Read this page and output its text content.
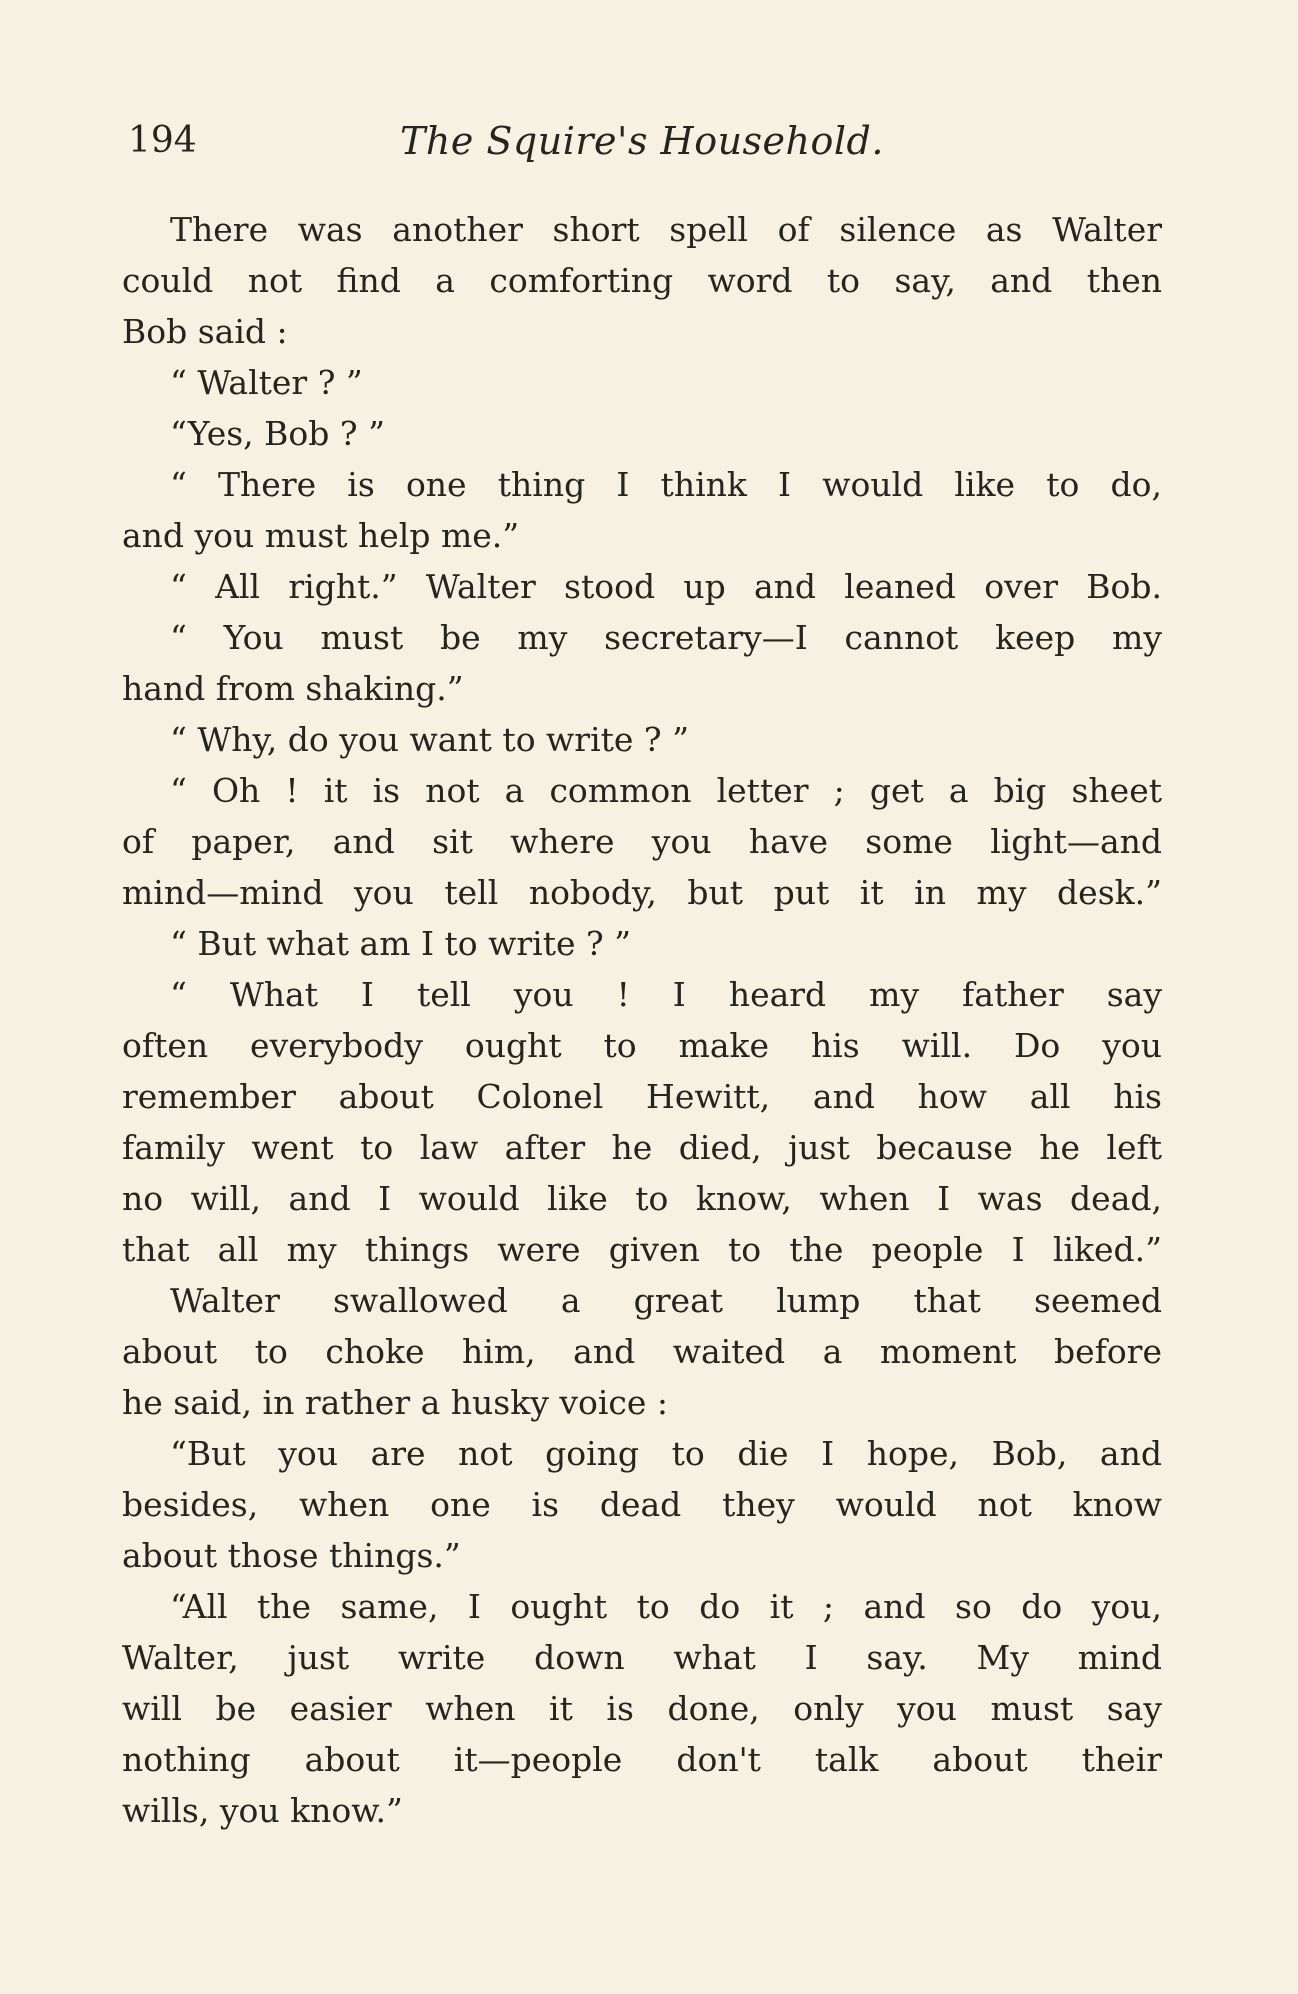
194	The Squire's Household.
There was another short spell of silence as Walter
could not find a comforting word to say, and then
Bob said :
“ Walter ? ”
“Yes, Bob ? ”
“ There is one thing I think I would like to do,
and you must help me.”
“ All right.” Walter stood up and leaned over Bob.
“ You must be my secretary—I cannot keep my
hand from shaking.”
“ Why, do you want to write ? ”
“ Oh ! it is not a common letter ; get a big sheet
of paper, and sit where you have some light—and
mind—mind you tell nobody, but put it in my desk.”
“ But what am I to write ? ”
“ What I tell you ! I heard my father say
often everybody ought to make his will. Do you
remember about Colonel Hewitt, and how all his
family went to law after he died, just because he left
no will, and I would like to know, when I was dead,
that all my things were given to the people I liked.”
Walter swallowed a great lump that seemed
about to choke him, and waited a moment before
he said, in rather a husky voice :
“But you are not going to die I hope, Bob, and
besides, when one is dead they would not know
about those things.”
“All the same, I ought to do it ; and so do you,
Walter, just write down what I say. My mind
will be easier when it is done, only you must say
nothing about it—people don't talk about their
wills, you know.”
